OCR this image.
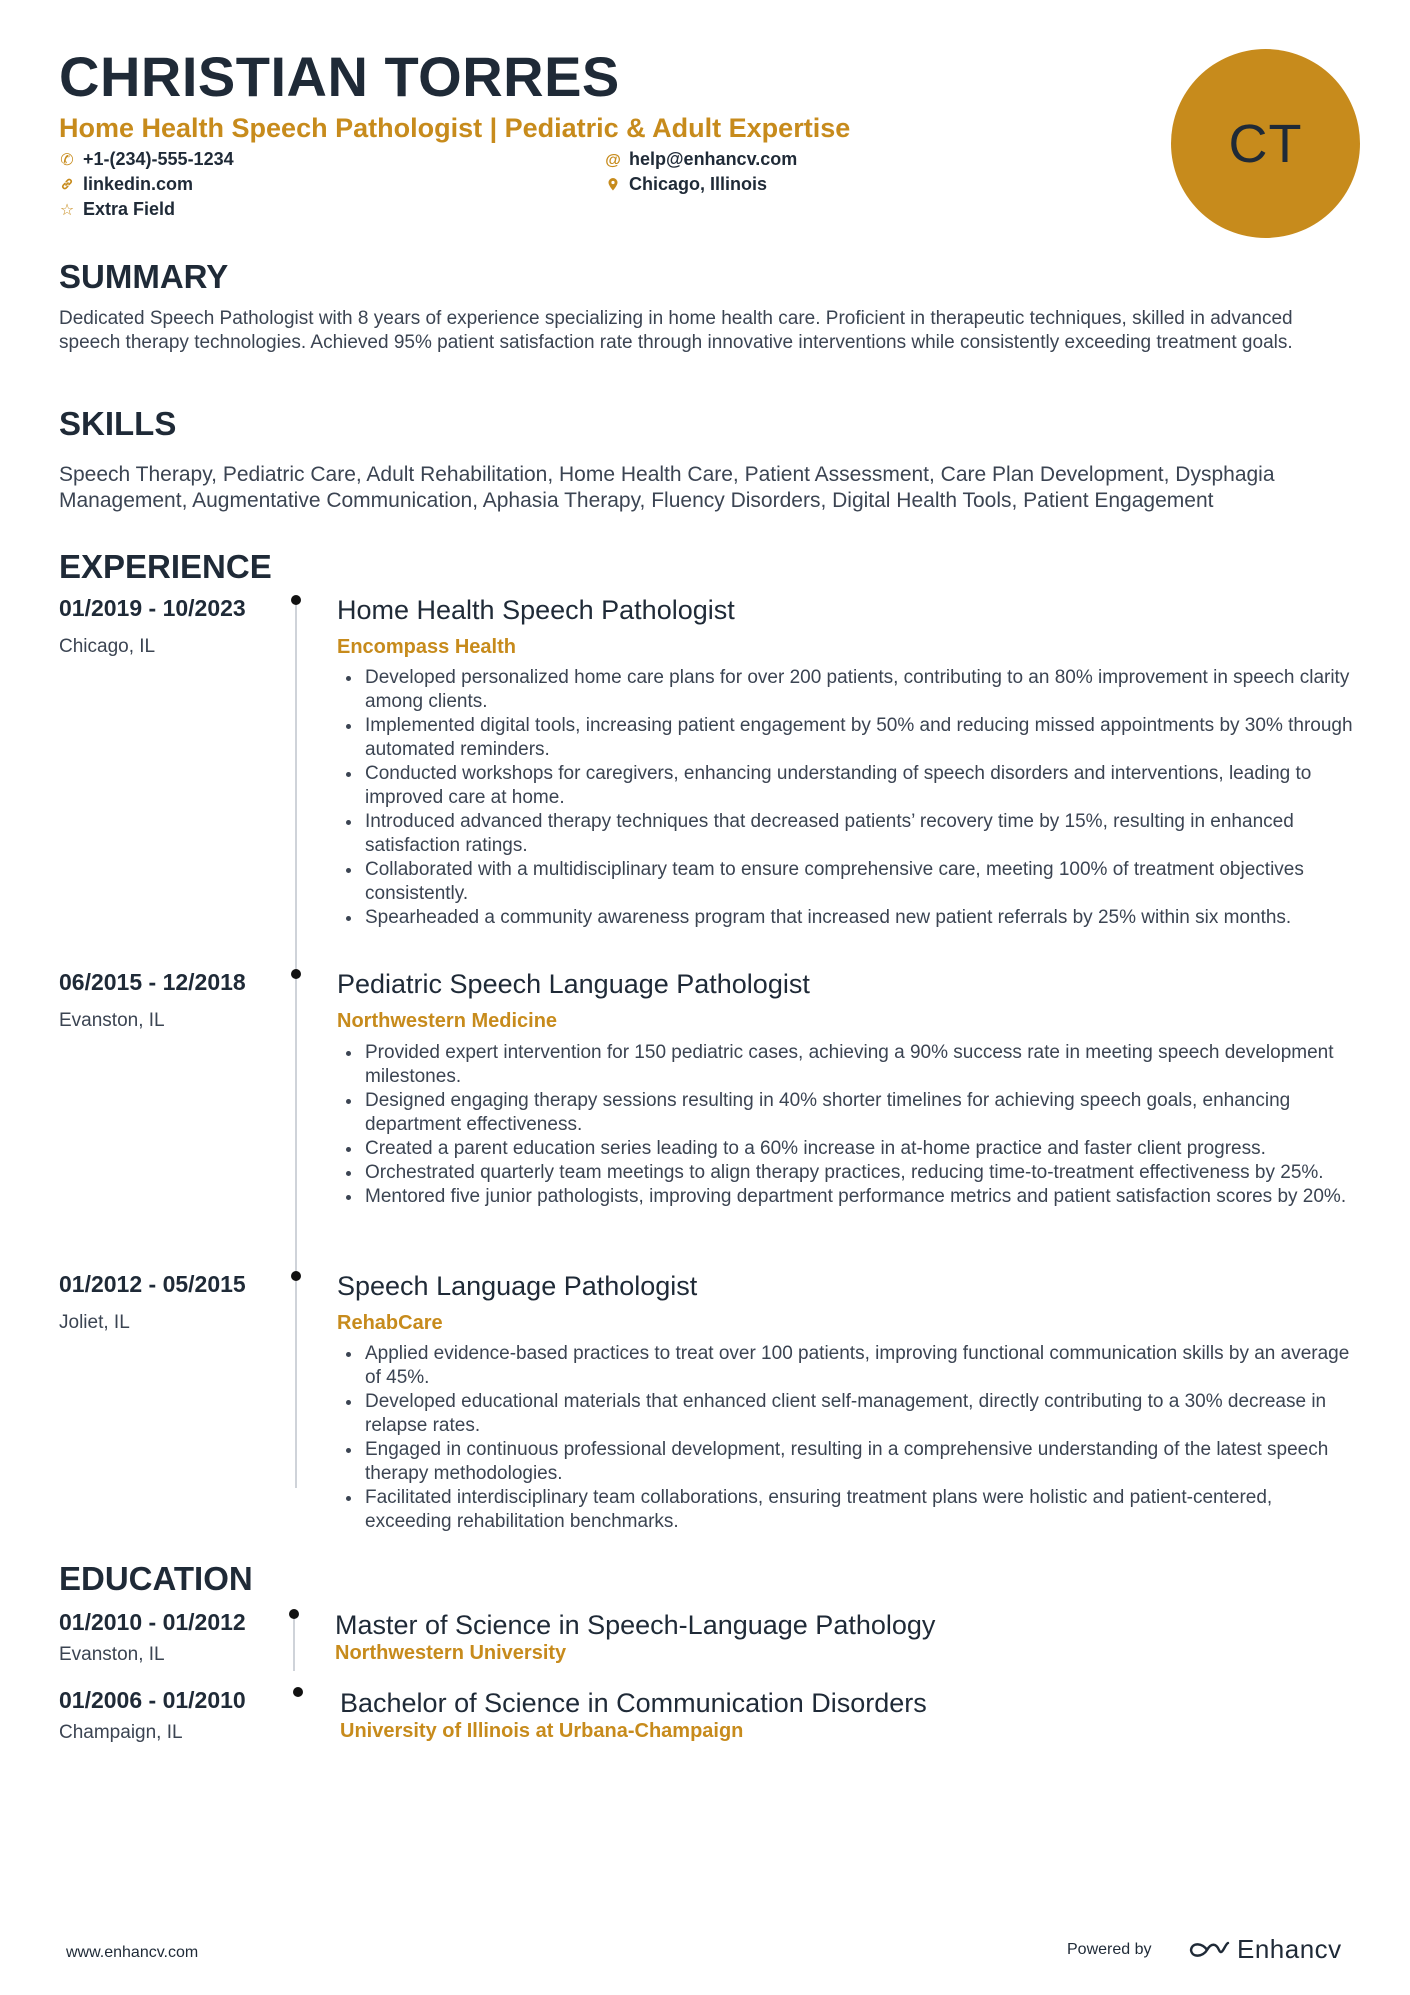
CHRISTIAN TORRES
Home Health Speech Pathologist | Pediatric & Adult Expertise
✆ +1-(234)-555-1234	@ help@enhancv.com
linkedin.com	Chicago, Illinois
☆ Extra Field
CT
SUMMARY

Dedicated Speech Pathologist with 8 years of experience specializing in home health care. Proficient in therapeutic techniques, skilled in advanced speech therapy technologies. Achieved 95% patient satisfaction rate through innovative interventions while consistently exceeding treatment goals.

SKILLS

Speech Therapy, Pediatric Care, Adult Rehabilitation, Home Health Care, Patient Assessment, Care Plan Development, Dysphagia Management, Augmentative Communication, Aphasia Therapy, Fluency Disorders, Digital Health Tools, Patient Engagement

EXPERIENCE

01/2019 - 10/2023

Chicago, IL

Home Health Speech Pathologist

Encompass Health

Developed personalized home care plans for over 200 patients, contributing to an 80% improvement in speech clarity among clients.
Implemented digital tools, increasing patient engagement by 50% and reducing missed appointments by 30% through automated reminders.
Conducted workshops for caregivers, enhancing understanding of speech disorders and interventions, leading to improved care at home.
Introduced advanced therapy techniques that decreased patients’ recovery time by 15%, resulting in enhanced satisfaction ratings.
Collaborated with a multidisciplinary team to ensure comprehensive care, meeting 100% of treatment objectives consistently.
Spearheaded a community awareness program that increased new patient referrals by 25% within six months.

06/2015 - 12/2018

Evanston, IL

Pediatric Speech Language Pathologist

Northwestern Medicine

Provided expert intervention for 150 pediatric cases, achieving a 90% success rate in meeting speech development milestones.
Designed engaging therapy sessions resulting in 40% shorter timelines for achieving speech goals, enhancing department effectiveness.
Created a parent education series leading to a 60% increase in at-home practice and faster client progress.
Orchestrated quarterly team meetings to align therapy practices, reducing time-to-treatment effectiveness by 25%.
Mentored five junior pathologists, improving department performance metrics and patient satisfaction scores by 20%.

01/2012 - 05/2015

Joliet, IL

Speech Language Pathologist

RehabCare

Applied evidence-based practices to treat over 100 patients, improving functional communication skills by an average of 45%.
Developed educational materials that enhanced client self-management, directly contributing to a 30% decrease in relapse rates.
Engaged in continuous professional development, resulting in a comprehensive understanding of the latest speech therapy methodologies.
Facilitated interdisciplinary team collaborations, ensuring treatment plans were holistic and patient-centered, exceeding rehabilitation benchmarks.
EDUCATION

01/2010 - 01/2012

Evanston, IL

Master of Science in Speech-Language Pathology

Northwestern University

01/2006 - 01/2010

Champaign, IL

Bachelor of Science in Communication Disorders

University of Illinois at Urbana-Champaign

www.enhancv.com	Powered by	Enhancv
